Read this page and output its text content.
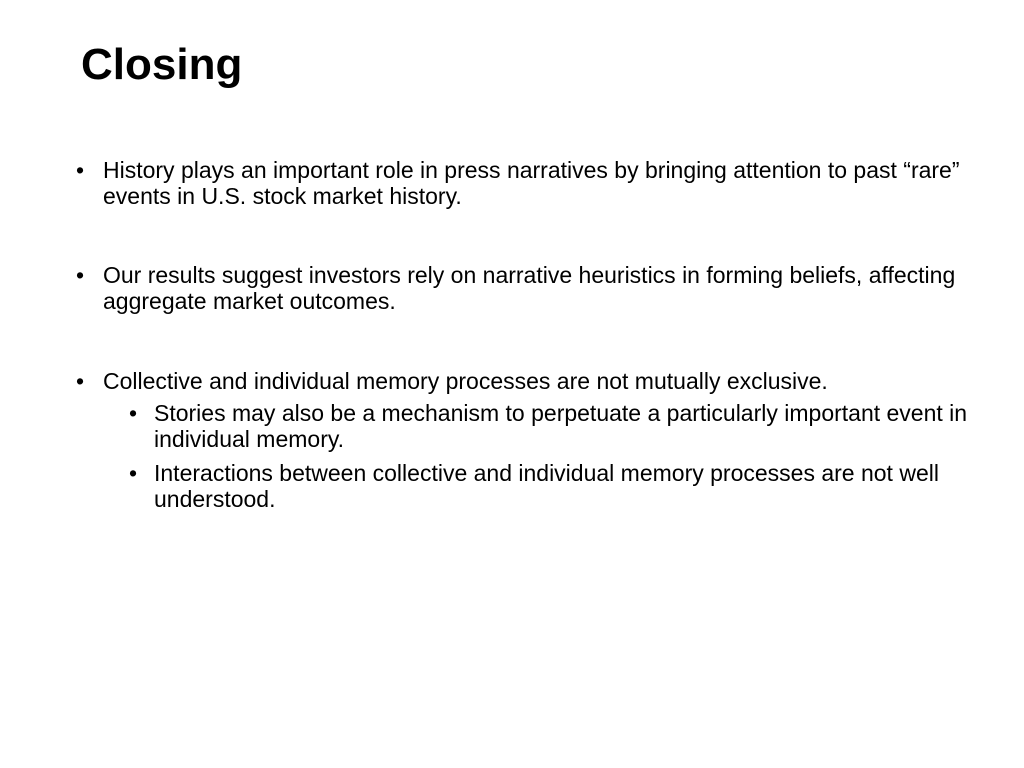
Closing
• History plays an important role in press narratives by bringing attention to past “rare” events in U.S. stock market history.
• Our results suggest investors rely on narrative heuristics in forming beliefs, affecting aggregate market outcomes.
• Collective and individual memory processes are not mutually exclusive.
• Stories may also be a mechanism to perpetuate a particularly important event in individual memory.
• Interactions between collective and individual memory processes are not well understood.
